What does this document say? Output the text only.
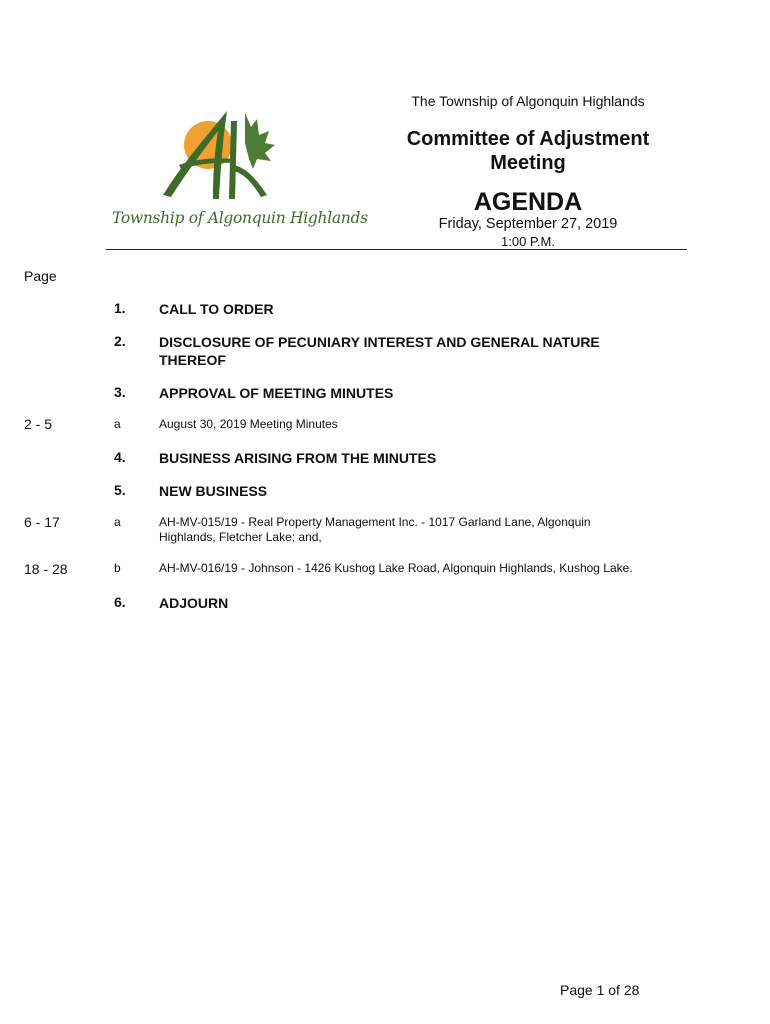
Township of Algonquin Highlands
The Township of Algonquin Highlands
Committee of Adjustment
Meeting
AGENDA
Friday, September 27, 2019
1:00 P.M.
Page
1. CALL TO ORDER
2. DISCLOSURE OF PECUNIARY INTEREST AND GENERAL NATURE THEREOF
3. APPROVAL OF MEETING MINUTES
2 - 5	a	August 30, 2019 Meeting Minutes
4. BUSINESS ARISING FROM THE MINUTES
5. NEW BUSINESS
6 - 17	a	AH-MV-015/19 - Real Property Management Inc. - 1017 Garland Lane, Algonquin Highlands, Fletcher Lake; and,
18 - 28	b	AH-MV-016/19 - Johnson - 1426 Kushog Lake Road, Algonquin Highlands, Kushog Lake.
6. ADJOURN
Page 1 of 28
